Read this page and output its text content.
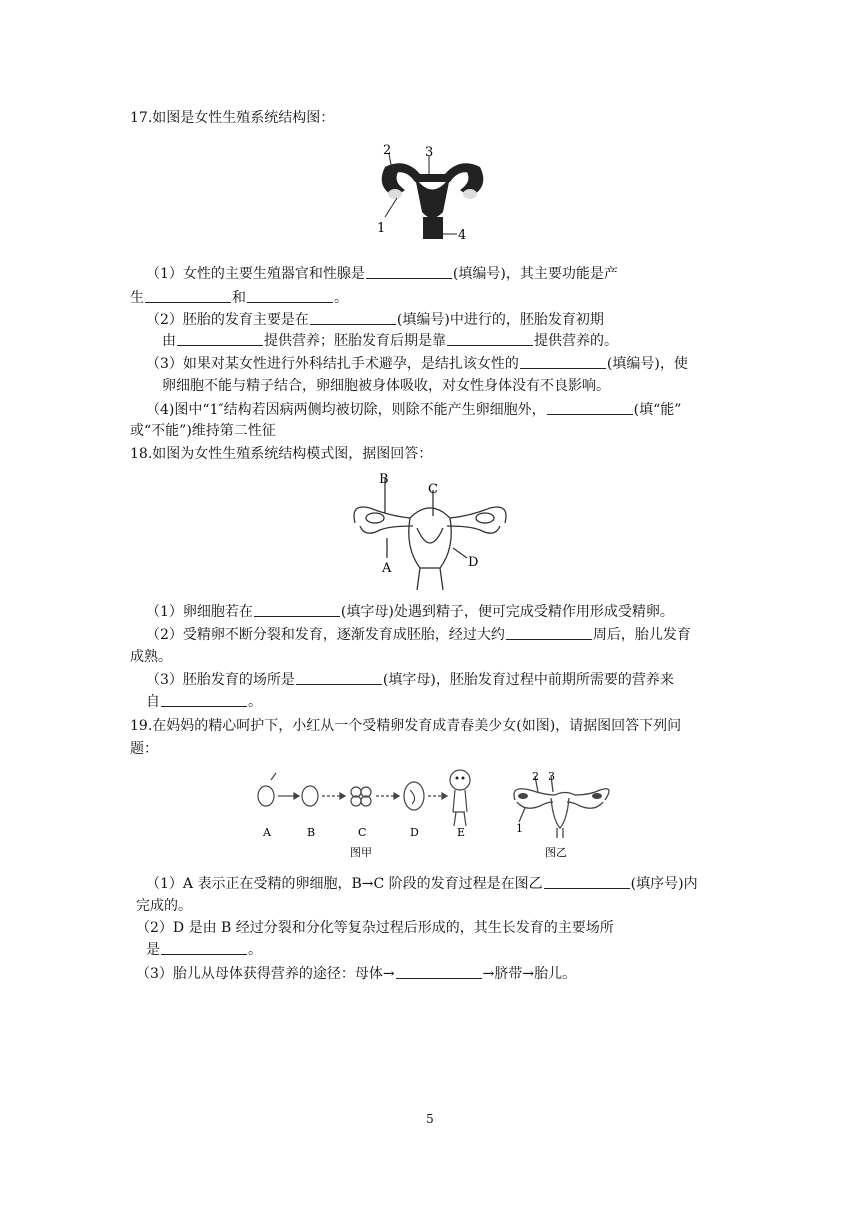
17.如图是女性生殖系统结构图：
2	3
1	4
（1）女性的主要生殖器官和性腺是	(填编号)，其主要功能是产
生	和	。
（2）胚胎的发育主要是在	(填编号)中进行的，胚胎发育初期
由	提供营养；胚胎发育后期是靠	提供营养的。
（3）如果对某女性进行外科结扎手术避孕，是结扎该女性的	(填编号)，使
卵细胞不能与精子结合，卵细胞被身体吸收，对女性身体没有不良影响。
（4)图中“1″结构若因病两侧均被切除，则除不能产生卵细胞外，	(填“能”
或“不能”)维持第二性征
18.如图为女性生殖系统结构模式图，据图回答：
B
C
A	D
（1）卵细胞若在	(填字母)处遇到精子，便可完成受精作用形成受精卵。
（2）受精卵不断分裂和发育，逐渐发育成胚胎，经过大约	周后，胎儿发育
成熟。
（3）胚胎发育的场所是	(填字母)，胚胎发育过程中前期所需要的营养来
自	。
19.在妈妈的精心呵护下，小红从一个受精卵发育成青春美少女(如图)，请据图回答下列问
题：
A	B	C	D	E
图甲
2 3
1
图乙
（1）A 表示正在受精的卵细胞，B→C 阶段的发育过程是在图乙	(填序号)内
完成的。
（2）D 是由 B 经过分裂和分化等复杂过程后形成的，其生长发育的主要场所
是	。
（3）胎儿从母体获得营养的途径：母体→	→脐带→胎儿。
5
